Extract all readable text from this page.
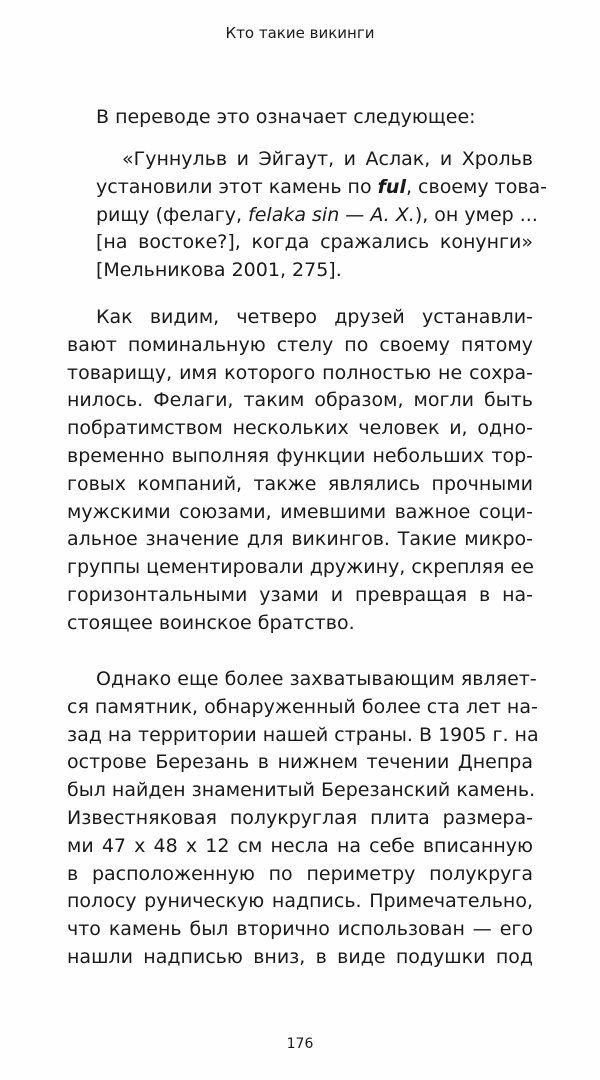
Кто такие викинги
В переводе это означает следующее:
«Гуннульв и Эйгаут, и Аслак, и Хрольв
установили этот камень по ful, своему това-
рищу (фелагу, felaka sin — A. X.), он умер ...
[на востоке?], когда сражались конунги»
[Мельникова 2001, 275].
Как видим, четверо друзей устанавли-
вают поминальную стелу по своему пятому
товарищу, имя которого полностью не сохра-
нилось. Фелаги, таким образом, могли быть
побратимством нескольких человек и, одно-
временно выполняя функции небольших тор-
говых компаний, также являлись прочными
мужскими союзами, имевшими важное соци-
альное значение для викингов. Такие микро-
группы цементировали дружину, скрепляя ее
горизонтальными узами и превращая в на-
стоящее воинское братство.
Однако еще более захватывающим являет-
ся памятник, обнаруженный более ста лет на-
зад на территории нашей страны. В 1905 г. на
острове Березань в нижнем течении Днепра
был найден знаменитый Березанский камень.
Известняковая полукруглая плита размера-
ми 47 х 48 х 12 см несла на себе вписанную
в расположенную по периметру полукруга
полосу руническую надпись. Примечательно,
что камень был вторично использован — его
нашли надписью вниз, в виде подушки под
176
